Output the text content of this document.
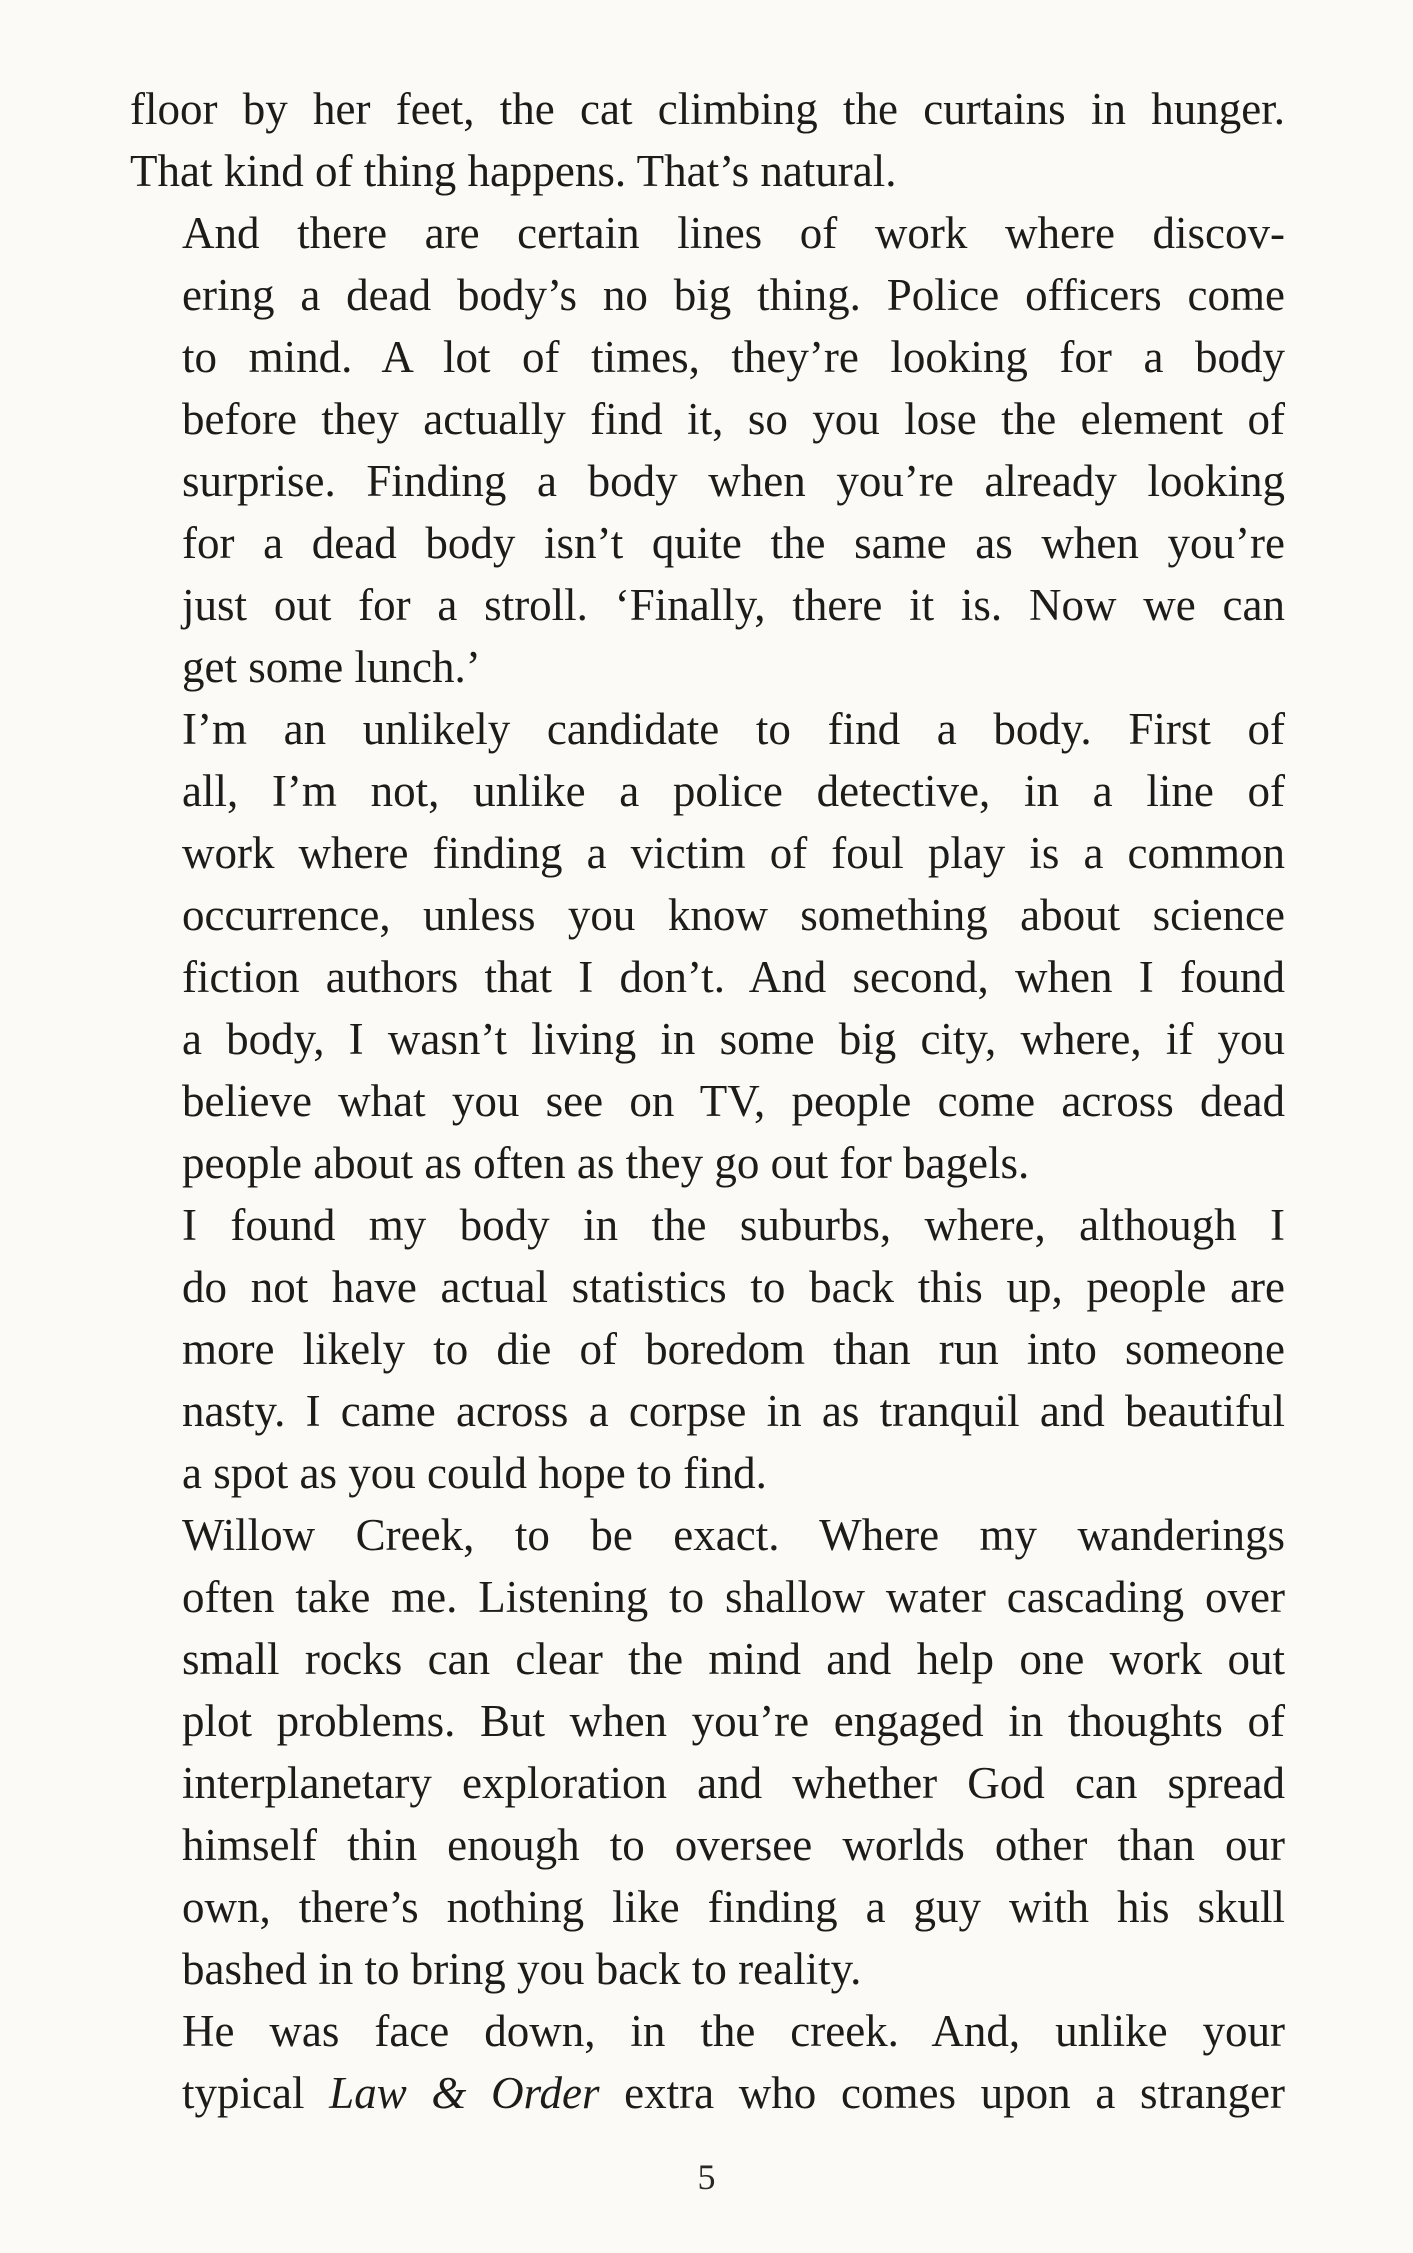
floor by her feet, the cat climbing the curtains in hunger.
That kind of thing happens. That’s natural.

And there are certain lines of work where discov-
ering a dead body’s no big thing. Police officers come
to mind. A lot of times, they’re looking for a body
before they actually find it, so you lose the element of
surprise. Finding a body when you’re already looking
for a dead body isn’t quite the same as when you’re
just out for a stroll. ‘Finally, there it is. Now we can
get some lunch.’

I’m an unlikely candidate to find a body. First of
all, I’m not, unlike a police detective, in a line of
work where finding a victim of foul play is a common
occurrence, unless you know something about science
fiction authors that I don’t. And second, when I found
a body, I wasn’t living in some big city, where, if you
believe what you see on TV, people come across dead
people about as often as they go out for bagels.

I found my body in the suburbs, where, although I
do not have actual statistics to back this up, people are
more likely to die of boredom than run into someone
nasty. I came across a corpse in as tranquil and beautiful
a spot as you could hope to find.

Willow Creek, to be exact. Where my wanderings
often take me. Listening to shallow water cascading over
small rocks can clear the mind and help one work out
plot problems. But when you’re engaged in thoughts of
interplanetary exploration and whether God can spread
himself thin enough to oversee worlds other than our
own, there’s nothing like finding a guy with his skull
bashed in to bring you back to reality.

He was face down, in the creek. And, unlike your
typical Law & Order extra who comes upon a stranger

5
